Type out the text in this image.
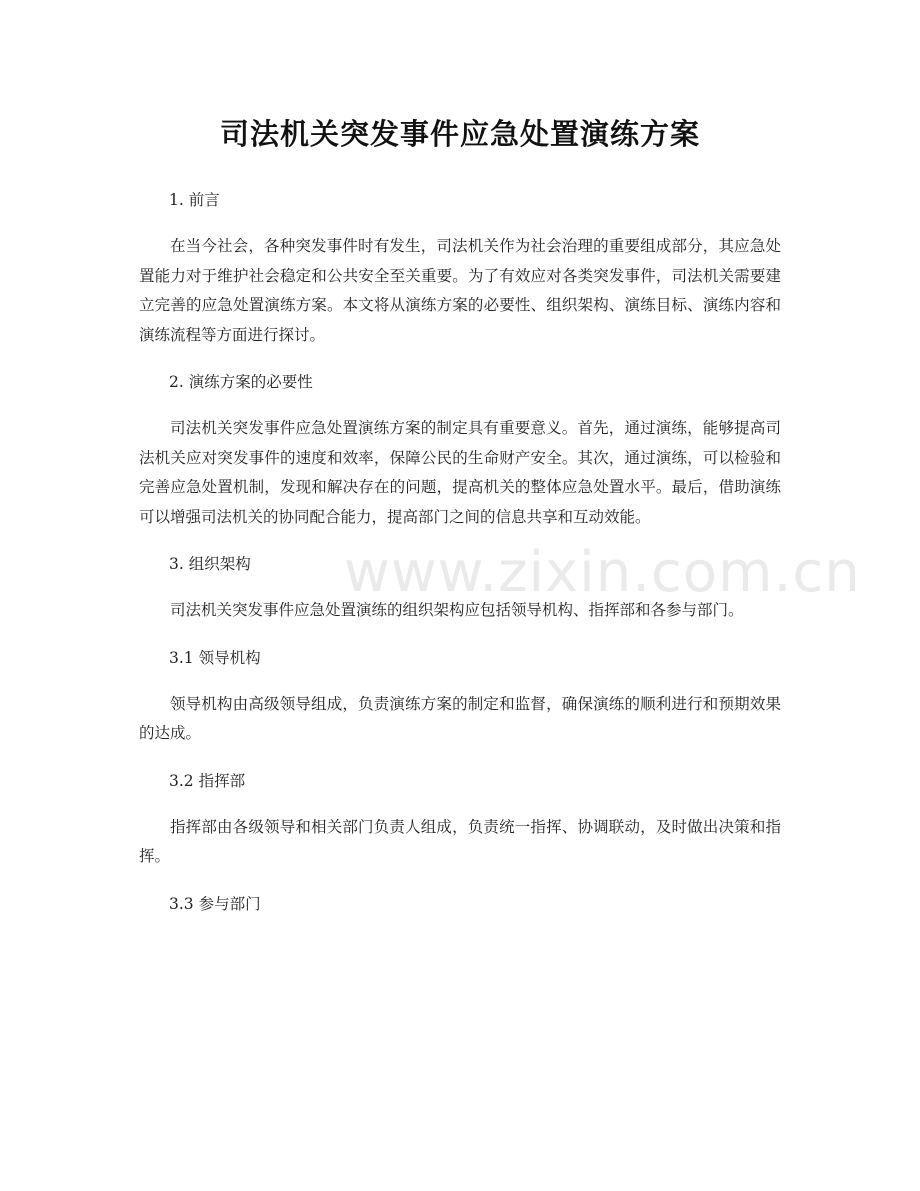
司法机关突发事件应急处置演练方案

1. 前言

在当今社会，各种突发事件时有发生，司法机关作为社会治理的重要组成部分，其应急处置能力对于维护社会稳定和公共安全至关重要。为了有效应对各类突发事件，司法机关需要建立完善的应急处置演练方案。本文将从演练方案的必要性、组织架构、演练目标、演练内容和演练流程等方面进行探讨。

2. 演练方案的必要性

司法机关突发事件应急处置演练方案的制定具有重要意义。首先，通过演练，能够提高司法机关应对突发事件的速度和效率，保障公民的生命财产安全。其次，通过演练，可以检验和完善应急处置机制，发现和解决存在的问题，提高机关的整体应急处置水平。最后，借助演练可以增强司法机关的协同配合能力，提高部门之间的信息共享和互动效能。

3. 组织架构

司法机关突发事件应急处置演练的组织架构应包括领导机构、指挥部和各参与部门。

3.1 领导机构

领导机构由高级领导组成，负责演练方案的制定和监督，确保演练的顺利进行和预期效果的达成。

3.2 指挥部

指挥部由各级领导和相关部门负责人组成，负责统一指挥、协调联动，及时做出决策和指挥。

3.3 参与部门

www.zixin.com.cn
